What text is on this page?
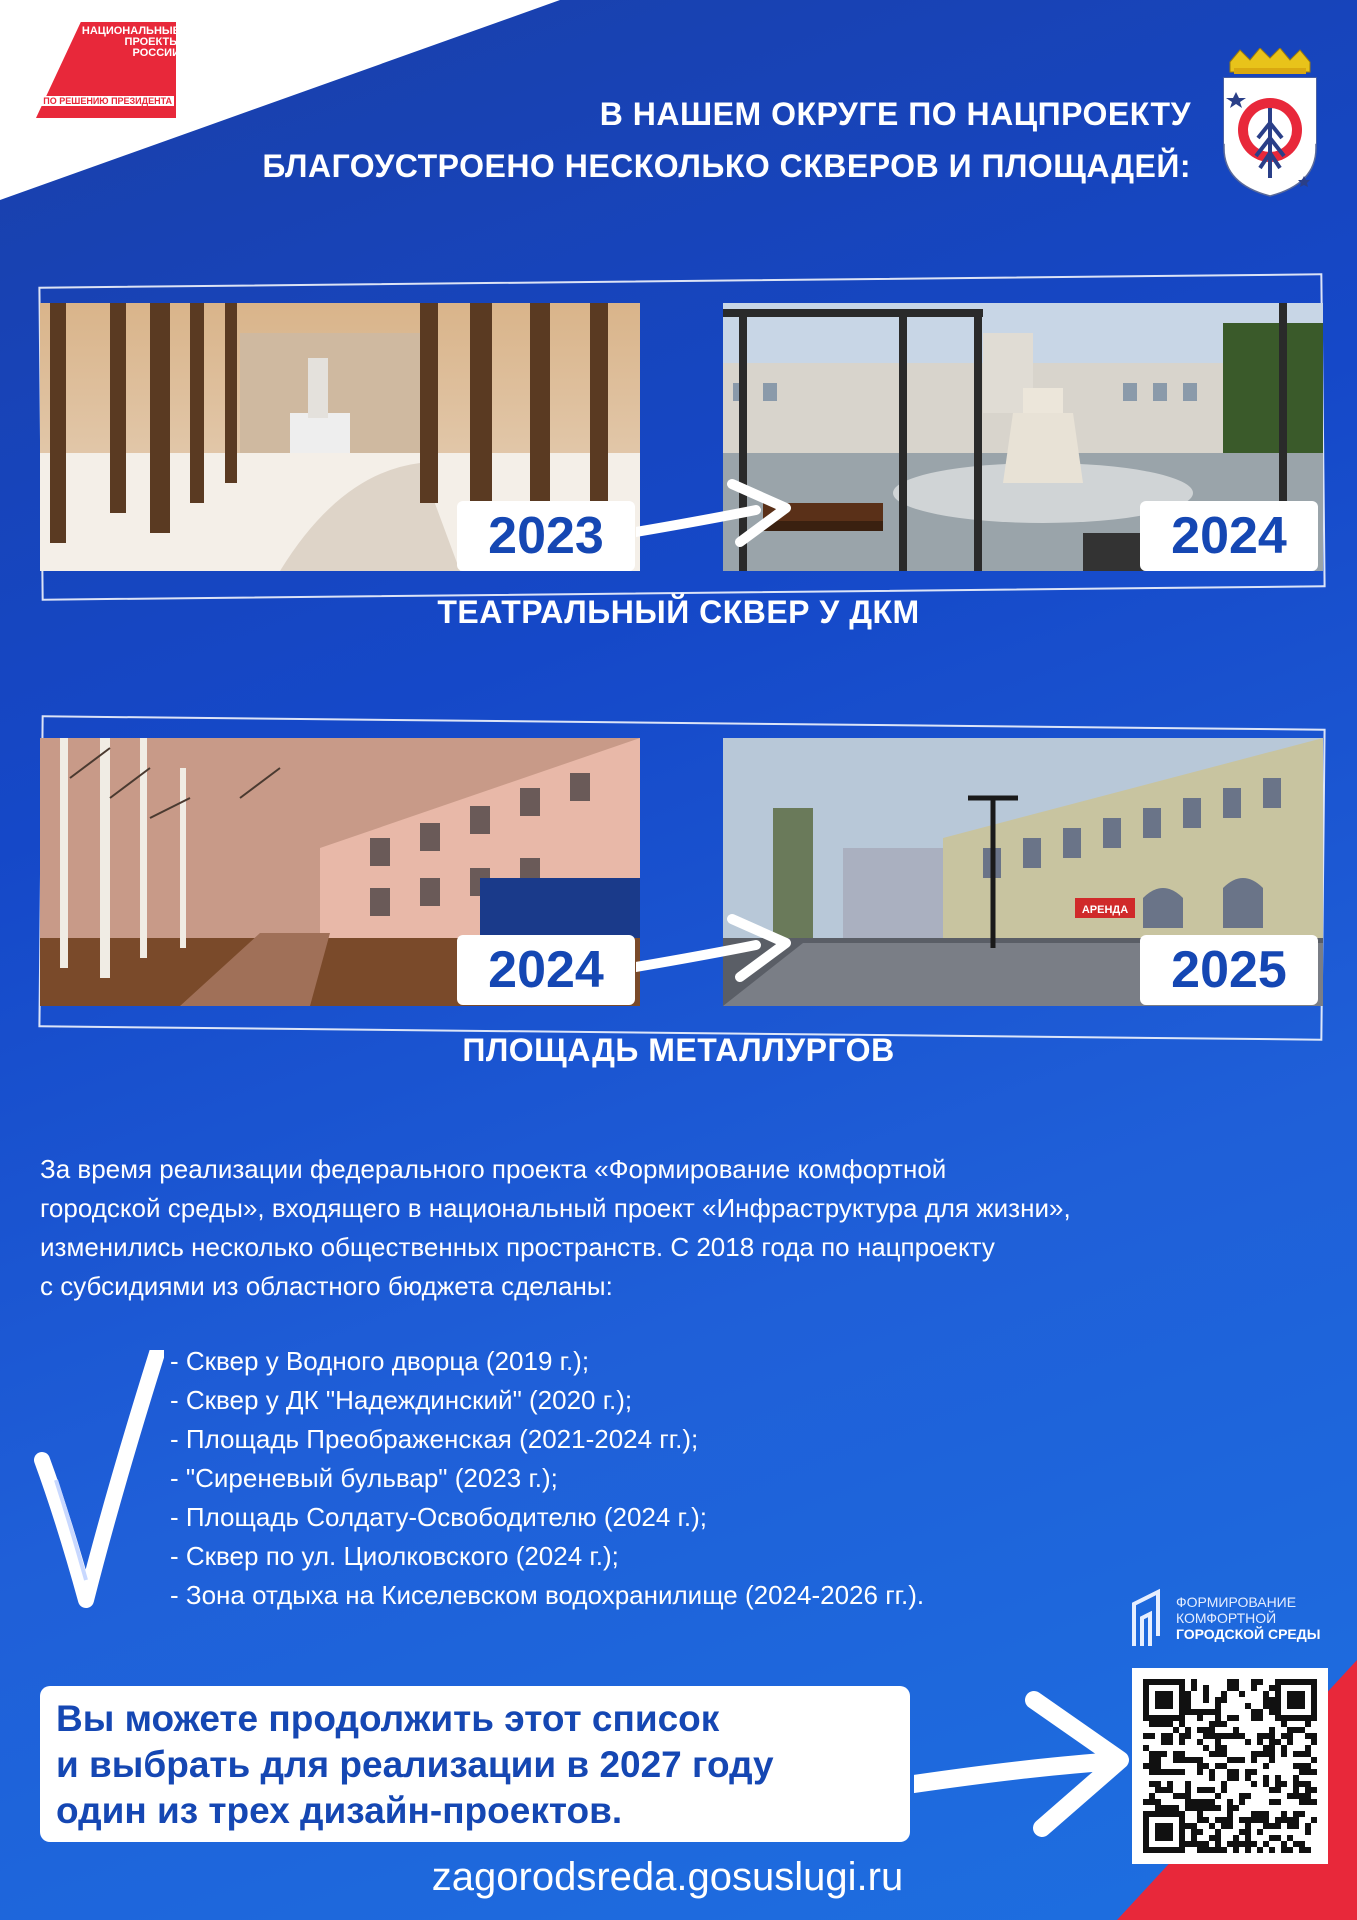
НАЦИОНАЛЬНЫЕ ПРОЕКТЫ РОССИИ
ПО РЕШЕНИЮ ПРЕЗИДЕНТА	В НАШЕМ ОКРУГЕ ПО НАЦПРОЕКТУ
БЛАГОУСТРОЕНО НЕСКОЛЬКО СКВЕРОВ И ПЛОЩАДЕЙ:
2023	2024
ТЕАТРАЛЬНЫЙ СКВЕР У ДКМ
АРЕНДА
2024	2025
ПЛОЩАДЬ МЕТАЛЛУРГОВ
За время реализации федерального проекта «Формирование комфортной
городской среды», входящего в национальный проект «Инфраструктура для жизни»,
изменились несколько общественных пространств. С 2018 года по нацпроекту
с субсидиями из областного бюджета сделаны:
- Сквер у Водного дворца (2019 г.);
- Сквер у ДК "Надеждинский" (2020 г.);
- Площадь Преображенская (2021-2024 гг.);
- "Сиреневый бульвар" (2023 г.);
- Площадь Солдату-Освободителю (2024 г.);
- Сквер по ул. Циолковского (2024 г.);
- Зона отдыха на Киселевском водохранилище (2024-2026 гг.).	ФОРМИРОВАНИЕ
КОМФОРТНОЙ
ГОРОДСКОЙ СРЕДЫ
Вы можете продолжить этот список
и выбрать для реализации в 2027 году
один из трех дизайн-проектов.
zagorodsreda.gosuslugi.ru
